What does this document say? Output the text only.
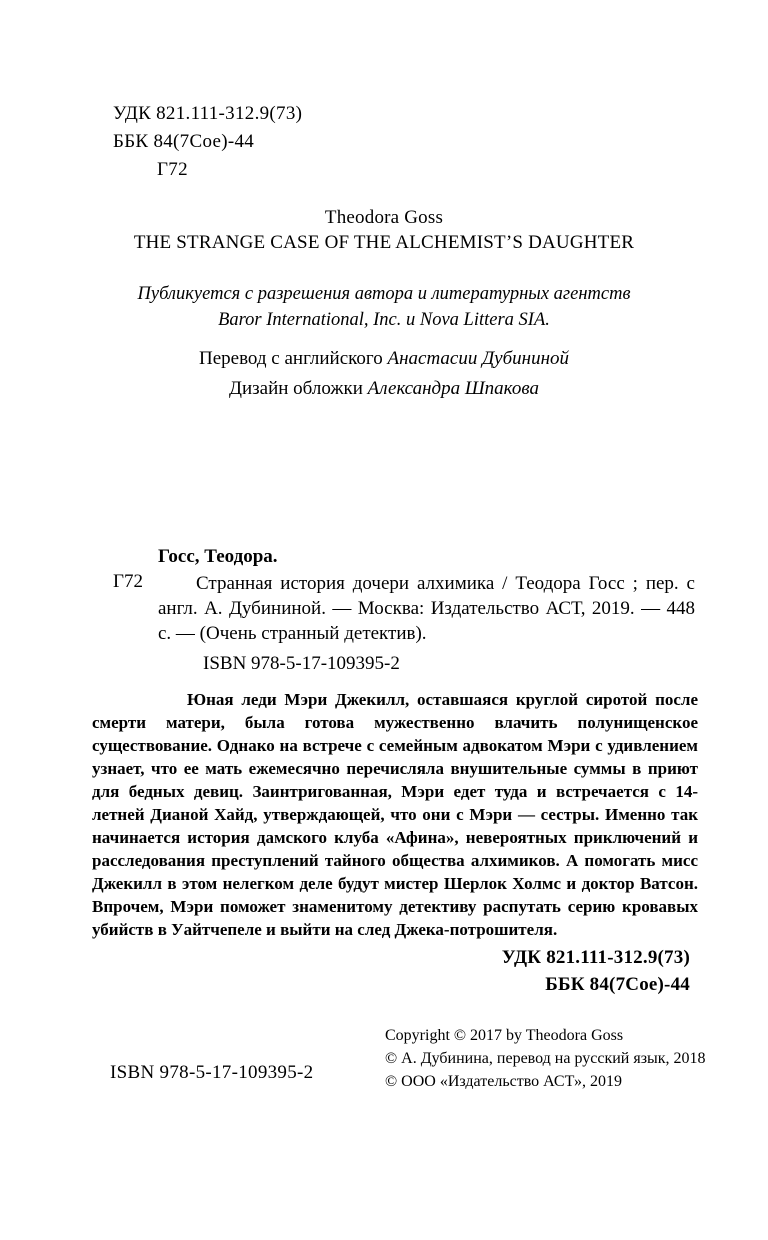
УДК 821.111-312.9(73)
ББК 84(7Сое)-44
Г72
Theodora Goss
THE STRANGE CASE OF THE ALCHEMIST’S DAUGHTER
Публикуется с разрешения автора и литературных агентств
Baror International, Inc. и Nova Littera SIA.
Перевод с английского Анастасии Дубининой
Дизайн обложки Александра Шпакова
Госс, Теодора.
Г72	Странная история дочери алхимика / Теодора Госс ; пер. с англ. А. Дубининой. — Москва: Издательство АСТ, 2019. — 448 с. — (Очень странный детектив).
ISBN 978-5-17-109395-2
Юная леди Мэри Джекилл, оставшаяся круглой сиротой после смерти матери, была готова мужественно влачить полунищенское существование. Однако на встрече с семейным адвокатом Мэри с удивлением узнает, что ее мать ежемесячно перечисляла внушительные суммы в приют для бедных девиц. Заинтригованная, Мэри едет туда и встречается с 14-летней Дианой Хайд, утверждающей, что они с Мэри — сестры. Именно так начинается история дамского клуба «Афина», невероятных приключений и расследования преступлений тайного общества алхимиков. А помогать мисс Джекилл в этом нелегком деле будут мистер Шерлок Холмс и доктор Ватсон. Впрочем, Мэри поможет знаменитому детективу распутать серию кровавых убийств в Уайтчепеле и выйти на след Джека-потрошителя.
УДК 821.111-312.9(73)
ББК 84(7Сое)-44
Copyright © 2017 by Theodora Goss
© А. Дубинина, перевод на русский язык, 2018
© ООО «Издательство АСТ», 2019
ISBN 978-5-17-109395-2
